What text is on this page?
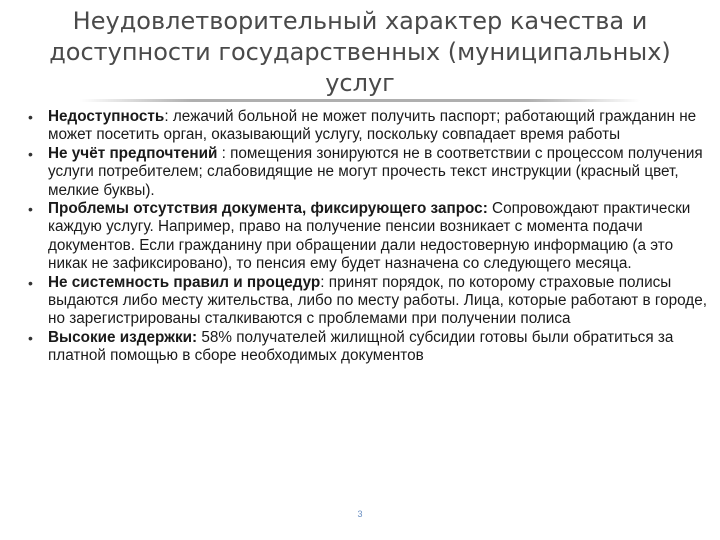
Неудовлетворительный характер качества и доступности государственных (муниципальных) услуг
• Недоступность: лежачий больной не может получить паспорт; работающий гражданин не может посетить орган, оказывающий услугу, поскольку совпадает время работы
• Не учёт предпочтений : помещения зонируются не в соответствии с процессом получения услуги потребителем; слабовидящие не могут прочесть текст инструкции (красный цвет, мелкие буквы).
• Проблемы отсутствия документа, фиксирующего запрос: Сопровождают практически каждую услугу. Например, право на получение пенсии возникает с момента подачи документов. Если гражданину при обращении дали недостоверную информацию (а это никак не зафиксировано), то пенсия ему будет назначена со следующего месяца.
• Не системность правил и процедур: принят порядок, по которому страховые полисы выдаются либо месту жительства, либо по месту работы. Лица, которые работают в городе, но зарегистрированы сталкиваются с проблемами при получении полиса
• Высокие издержки: 58% получателей жилищной субсидии готовы были обратиться за платной помощью в сборе необходимых документов
3
